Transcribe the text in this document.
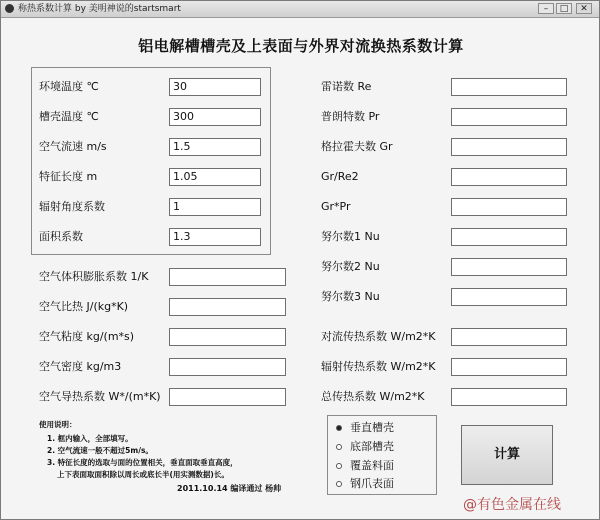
称热系数计算 by 美明神说的startsmart	–	□	✕
铝电解槽槽壳及上表面与外界对流换热系数计算
环境温度 ℃	30
槽壳温度 ℃	300
空气流速 m/s	1.5
特征长度 m	1.05
辐射角度系数	1
面积系数	1.3
空气体积膨胀系数 1/K
空气比热 J/(kg*K)
空气粘度 kg/(m*s)
空气密度 kg/m3
空气导热系数 W*/(m*K)
雷诺数 Re
普朗特数 Pr
格拉霍夫数 Gr
Gr/Re2
Gr*Pr
努尔数1 Nu
努尔数2 Nu
努尔数3 Nu
对流传热系数 W/m2*K
辐射传热系数 W/m2*K
总传热系数 W/m2*K
使用说明：
1. 框内输入，全部填写。
2. 空气流速一般不超过5m/s。
3. 特征长度的选取与面的位置相关，垂直面取垂直高度，
上下表面取面积除以周长或底长半(用实测数据)长。
2011.10.14 编译通过 杨帅
垂直槽壳
底部槽壳
覆盖料面
钢爪表面
计算
@有色金属在线
